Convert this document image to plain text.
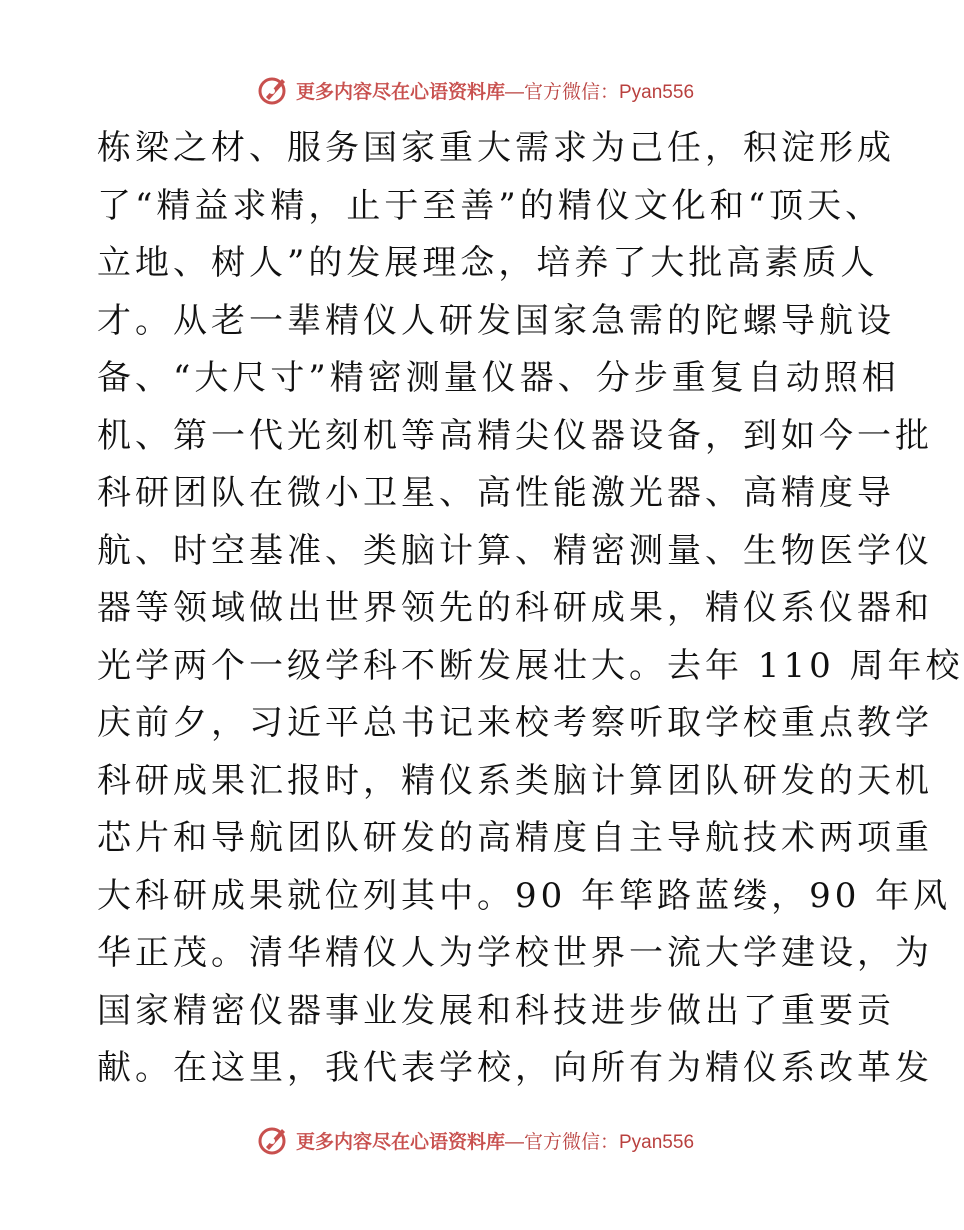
更多内容尽在心语资料库—官方微信：Pyan556
栋梁之材、服务国家重大需求为己任，积淀形成
了“精益求精，止于至善”的精仪文化和“顶天、
立地、树人”的发展理念，培养了大批高素质人
才。从老一辈精仪人研发国家急需的陀螺导航设
备、“大尺寸”精密测量仪器、分步重复自动照相
机、第一代光刻机等高精尖仪器设备，到如今一批
科研团队在微小卫星、高性能激光器、高精度导
航、时空基准、类脑计算、精密测量、生物医学仪
器等领域做出世界领先的科研成果，精仪系仪器和
光学两个一级学科不断发展壮大。去年 110 周年校
庆前夕，习近平总书记来校考察听取学校重点教学
科研成果汇报时，精仪系类脑计算团队研发的天机
芯片和导航团队研发的高精度自主导航技术两项重
大科研成果就位列其中。90 年筚路蓝缕，90 年风
华正茂。清华精仪人为学校世界一流大学建设，为
国家精密仪器事业发展和科技进步做出了重要贡
献。在这里，我代表学校，向所有为精仪系改革发
更多内容尽在心语资料库—官方微信：Pyan556
